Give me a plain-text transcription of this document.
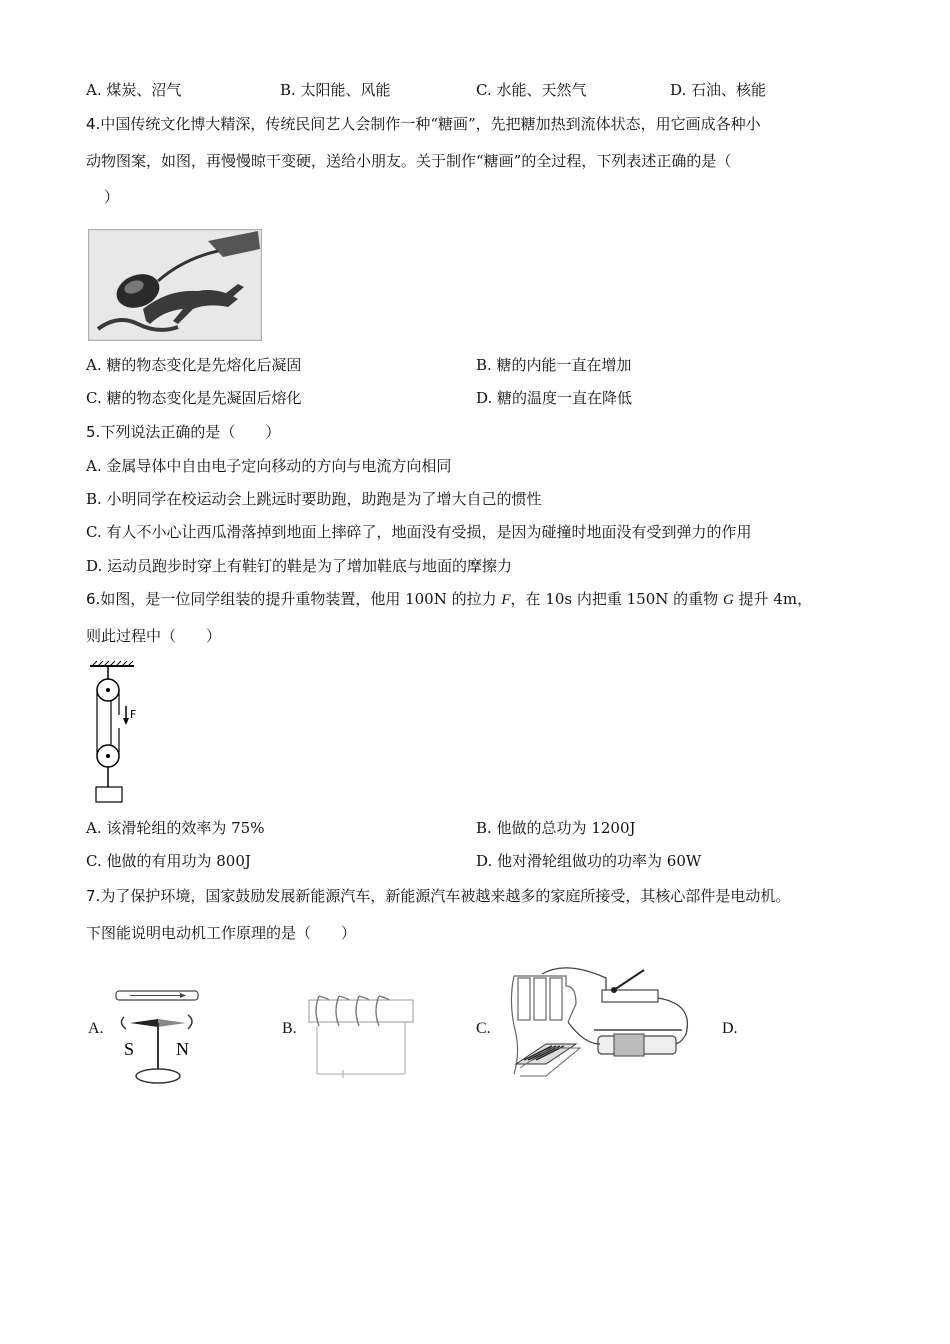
A. 煤炭、沼气	B. 太阳能、风能	C. 水能、天然气	D. 石油、核能
4.中国传统文化博大精深，传统民间艺人会制作一种“糖画”，先把糖加热到流体状态，用它画成各种小
动物图案，如图，再慢慢晾干变硬，送给小朋友。关于制作“糖画”的全过程，下列表述正确的是（
）
A. 糖的物态变化是先熔化后凝固	B. 糖的内能一直在增加
C. 糖的物态变化是先凝固后熔化	D. 糖的温度一直在降低
5.下列说法正确的是（　　）
A. 金属导体中自由电子定向移动的方向与电流方向相同
B. 小明同学在校运动会上跳远时要助跑，助跑是为了增大自己的惯性
C. 有人不小心让西瓜滑落掉到地面上摔碎了，地面没有受损，是因为碰撞时地面没有受到弹力的作用
D. 运动员跑步时穿上有鞋钉的鞋是为了增加鞋底与地面的摩擦力
6.如图，是一位同学组装的提升重物装置，他用 100N 的拉力 F，在 10s 内把重 150N 的重物 G 提升 4m，
则此过程中（　　）
F
A. 该滑轮组的效率为 75%	B. 他做的总功为 1200J
C. 他做的有用功为 800J	D. 他对滑轮组做功的功率为 60W
7.为了保护环境，国家鼓励发展新能源汽车，新能源汽车被越来越多的家庭所接受，其核心部件是电动机。
下图能说明电动机工作原理的是（　　）
A.	B.	C.	D.
S N
